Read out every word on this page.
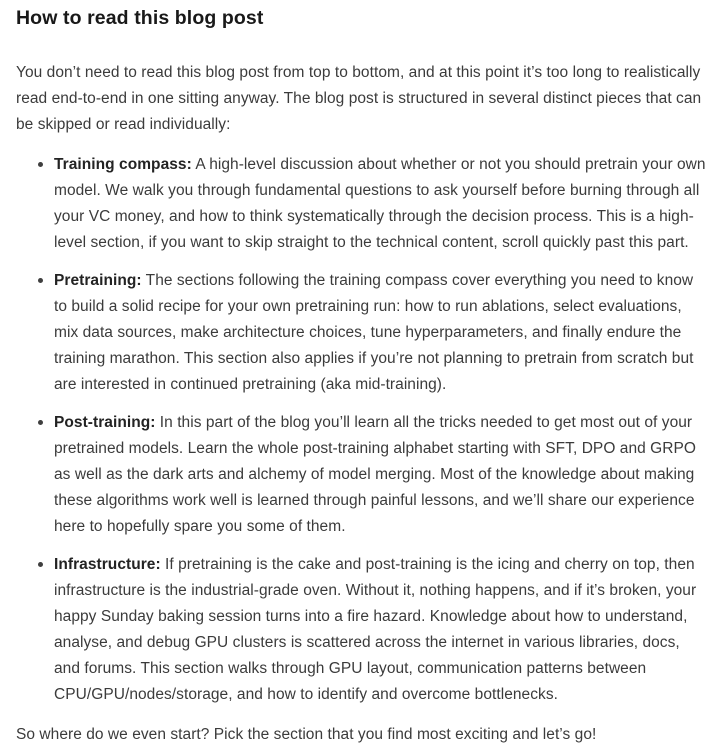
How to read this blog post

You don’t need to read this blog post from top to bottom, and at this point it’s too long to realistically read end-to-end in one sitting anyway. The blog post is structured in several distinct pieces that can be skipped or read individually:

Training compass: A high-level discussion about whether or not you should pretrain your own model. We walk you through fundamental questions to ask yourself before burning through all your VC money, and how to think systematically through the decision process. This is a high-level section, if you want to skip straight to the technical content, scroll quickly past this part.
Pretraining: The sections following the training compass cover everything you need to know to build a solid recipe for your own pretraining run: how to run ablations, select evaluations, mix data sources, make architecture choices, tune hyperparameters, and finally endure the training marathon. This section also applies if you’re not planning to pretrain from scratch but are interested in continued pretraining (aka mid-training).
Post-training: In this part of the blog you’ll learn all the tricks needed to get most out of your pretrained models. Learn the whole post-training alphabet starting with SFT, DPO and GRPO as well as the dark arts and alchemy of model merging. Most of the knowledge about making these algorithms work well is learned through painful lessons, and we’ll share our experience here to hopefully spare you some of them.
Infrastructure: If pretraining is the cake and post-training is the icing and cherry on top, then infrastructure is the industrial-grade oven. Without it, nothing happens, and if it’s broken, your happy Sunday baking session turns into a fire hazard. Knowledge about how to understand, analyse, and debug GPU clusters is scattered across the internet in various libraries, docs, and forums. This section walks through GPU layout, communication patterns between CPU/GPU/nodes/storage, and how to identify and overcome bottlenecks.

So where do we even start? Pick the section that you find most exciting and let’s go!
